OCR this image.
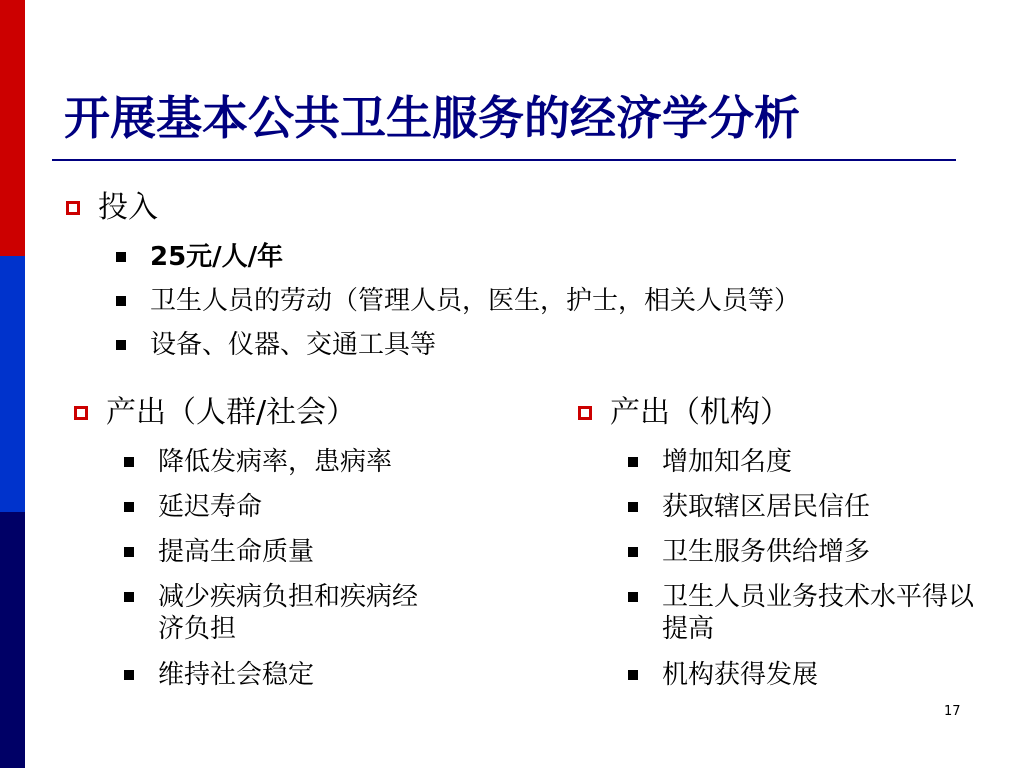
开展基本公共卫生服务的经济学分析
投入
25元/人/年
卫生人员的劳动（管理人员，医生，护士，相关人员等）
设备、仪器、交通工具等
产出（人群/社会）
降低发病率，患病率
延迟寿命
提高生命质量
减少疾病负担和疾病经济负担
维持社会稳定
产出（机构）
增加知名度
获取辖区居民信任
卫生服务供给增多
卫生人员业务技术水平得以提高
机构获得发展
17
